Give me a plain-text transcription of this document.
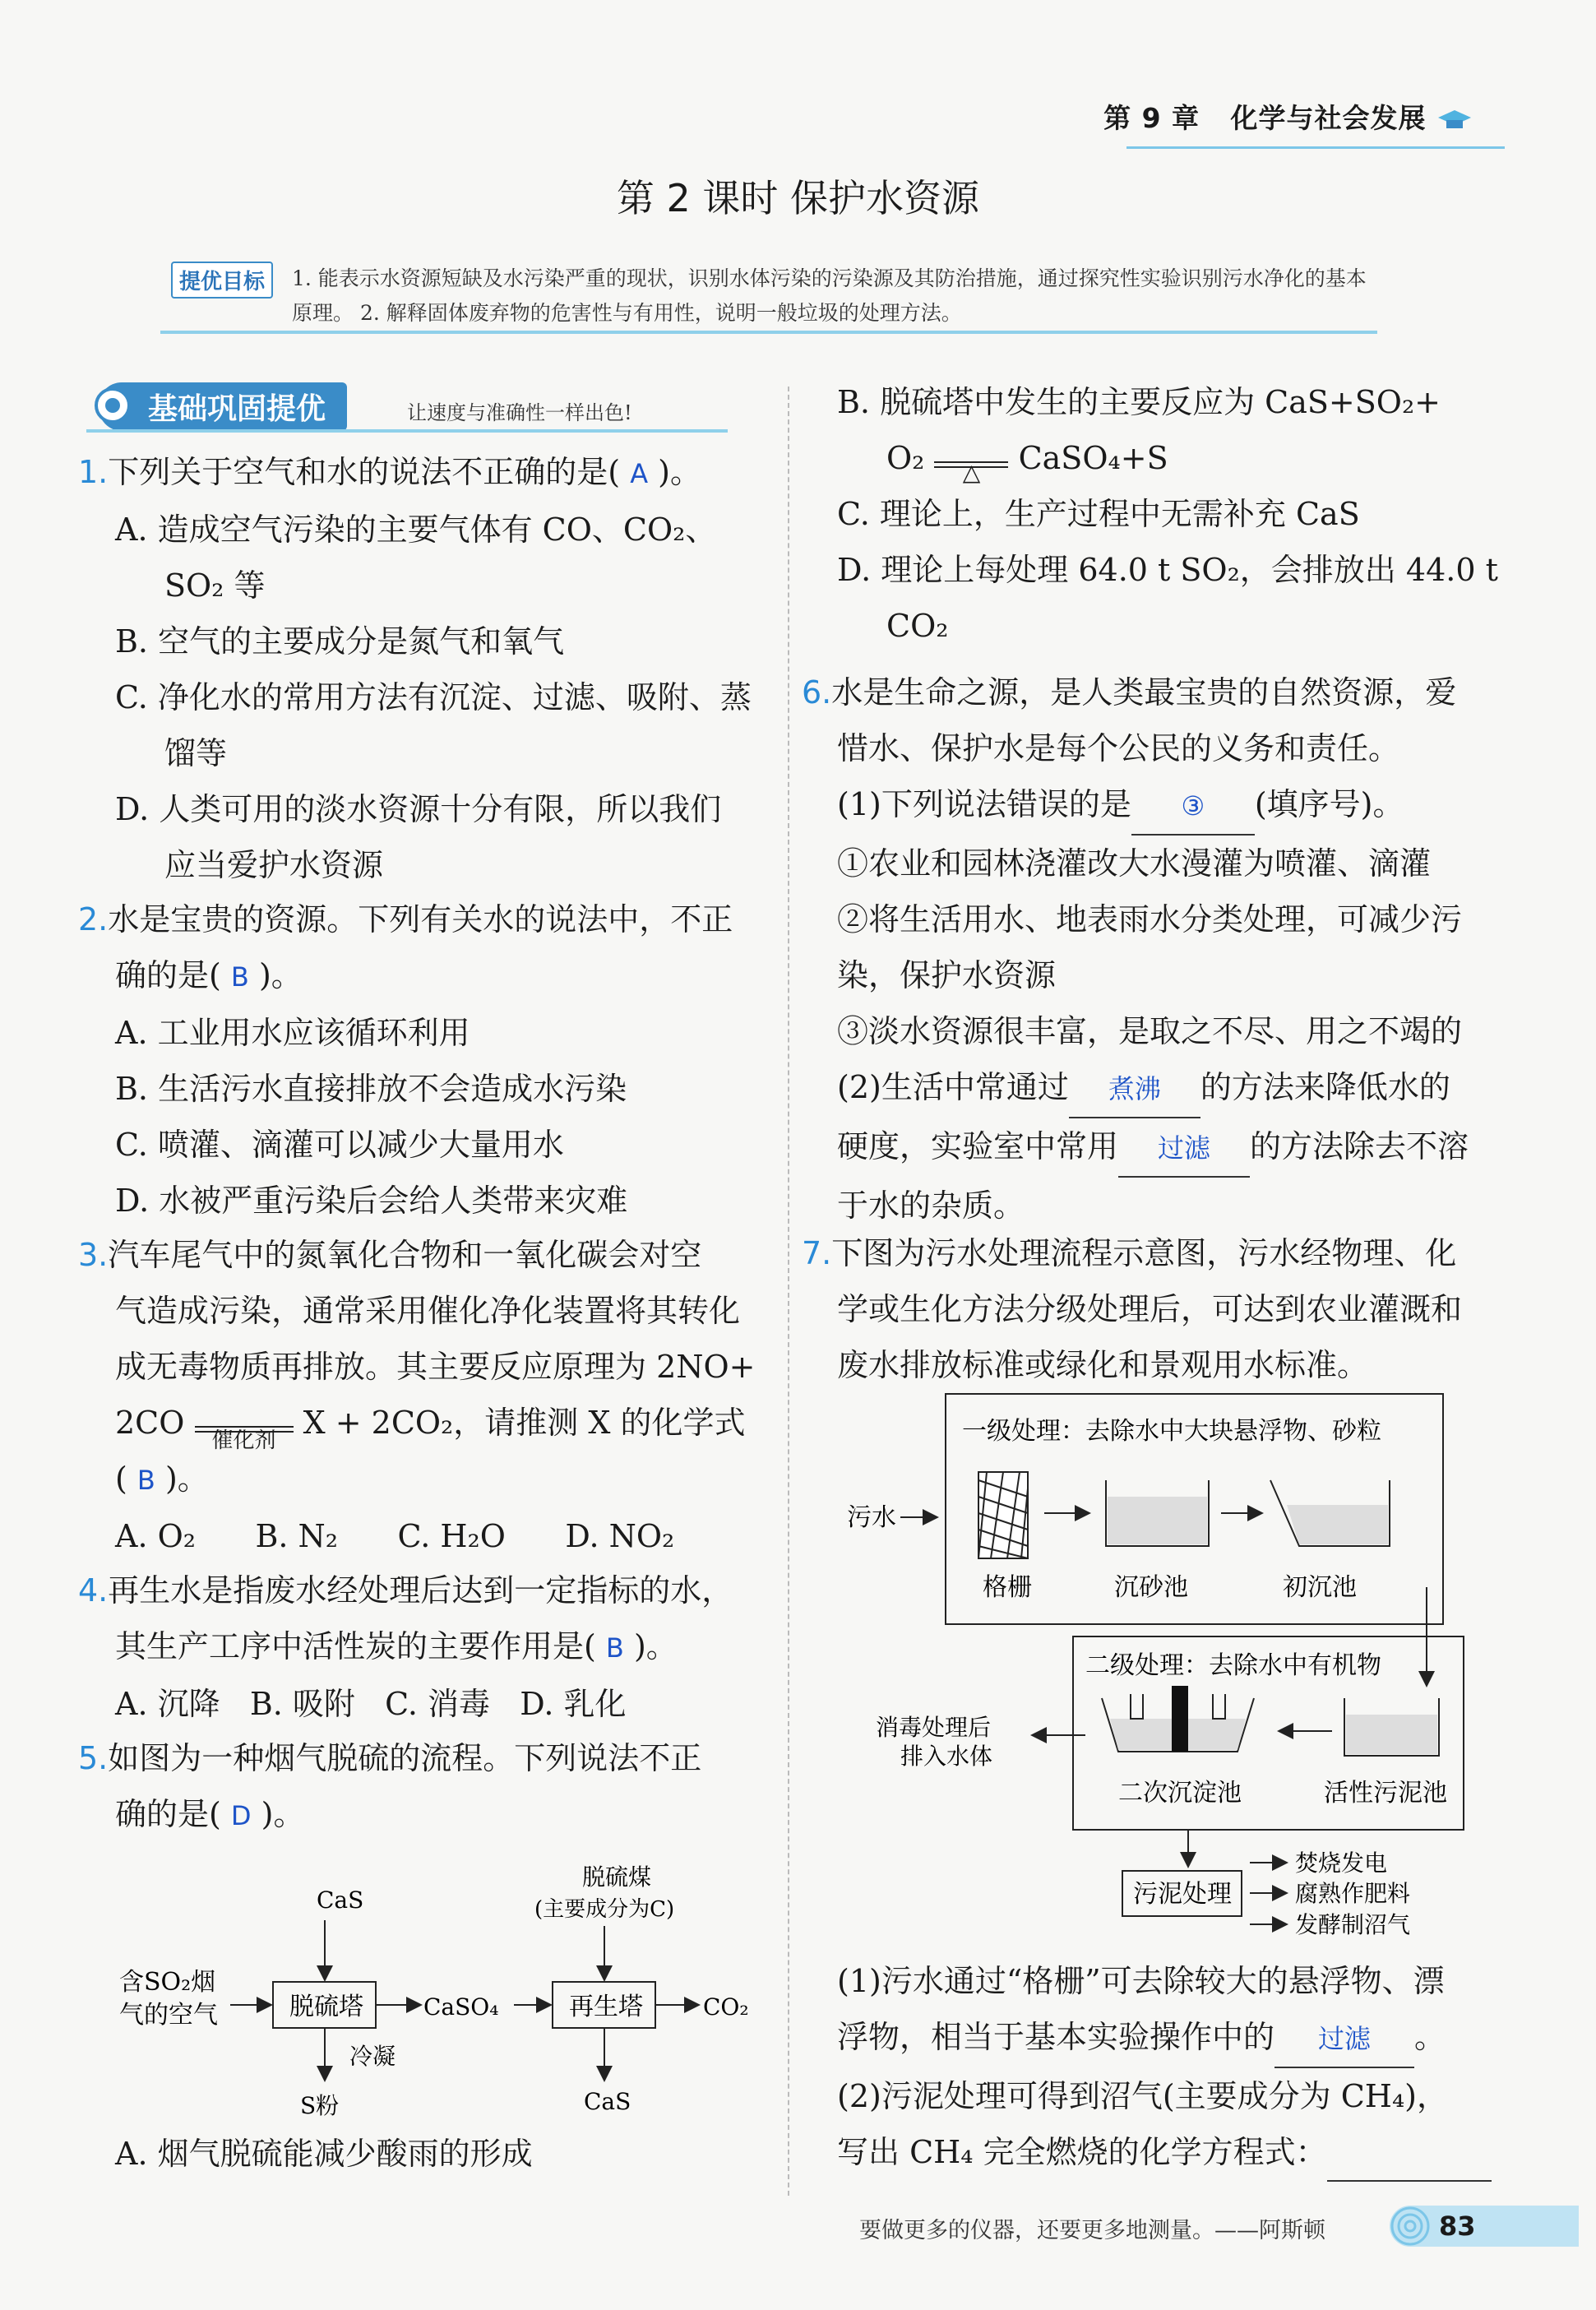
第 9 章 化学与社会发展
第 2 课时 保护水资源
提优目标	1. 能表示水资源短缺及水污染严重的现状，识别水体污染的污染源及其防治措施，通过探究性实验识别污水净化的基本原理。 2. 解释固体废弃物的危害性与有用性，说明一般垃圾的处理方法。
基础巩固提优	让速度与准确性一样出色!
1.下列关于空气和水的说法不正确的是( A )。
A. 造成空气污染的主要气体有 CO、CO₂、
SO₂ 等
B. 空气的主要成分是氮气和氧气
C. 净化水的常用方法有沉淀、过滤、吸附、蒸
馏等
D. 人类可用的淡水资源十分有限，所以我们
应当爱护水资源
2.水是宝贵的资源。下列有关水的说法中，不正
确的是( B )。
A. 工业用水应该循环利用
B. 生活污水直接排放不会造成水污染
C. 喷灌、滴灌可以减少大量用水
D. 水被严重污染后会给人类带来灾难
3.汽车尾气中的氮氧化合物和一氧化碳会对空
气造成污染，通常采用催化净化装置将其转化
成无毒物质再排放。其主要反应原理为 2NO+
2CO	催化剂 X + 2CO₂，请推测 X 的化学式
( B )。
A. O₂      B. N₂      C. H₂O      D. NO₂
4.再生水是指废水经处理后达到一定指标的水，
其生产工序中活性炭的主要作用是( B )。
A. 沉降   B. 吸附   C. 消毒   D. 乳化
5.如图为一种烟气脱硫的流程。下列说法不正
确的是( D )。
含SO₂烟
气的空气	脱硫塔
CaS
CaSO₄	再生塔
脱硫煤
(主要成分为C)
CO₂
冷凝
S粉	CaS
A. 烟气脱硫能减少酸雨的形成
B. 脱硫塔中发生的主要反应为 CaS+SO₂+
O₂	△	CaSO₄+S
C. 理论上，生产过程中无需补充 CaS
D. 理论上每处理 64.0 t SO₂，会排放出 44.0 t
CO₂
6.水是生命之源，是人类最宝贵的自然资源，爱
惜水、保护水是每个公民的义务和责任。
(1)下列说法错误的是 ③ (填序号)。
①农业和园林浇灌改大水漫灌为喷灌、滴灌
②将生活用水、地表雨水分类处理，可减少污
染，保护水资源
③淡水资源很丰富，是取之不尽、用之不竭的
(2)生活中常通过 煮沸 的方法来降低水的
硬度，实验室中常用 过滤 的方法除去不溶
于水的杂质。
7.下图为污水处理流程示意图，污水经物理、化
学或生化方法分级处理后，可达到农业灌溉和
废水排放标准或绿化和景观用水标准。
一级处理：去除水中大块悬浮物、砂粒
污水
格栅	沉砂池	初沉池
二级处理：去除水中有机物
二次沉淀池	活性污泥池
消毒处理后
排入水体
污泥处理
焚烧发电
腐熟作肥料
发酵制沼气
(1)污水通过“格栅”可去除较大的悬浮物、漂
浮物，相当于基本实验操作中的 过滤 。
(2)污泥处理可得到沼气(主要成分为 CH₄)，
写出 CH₄ 完全燃烧的化学方程式：
要做更多的仪器，还要更多地测量。——阿斯顿	83
